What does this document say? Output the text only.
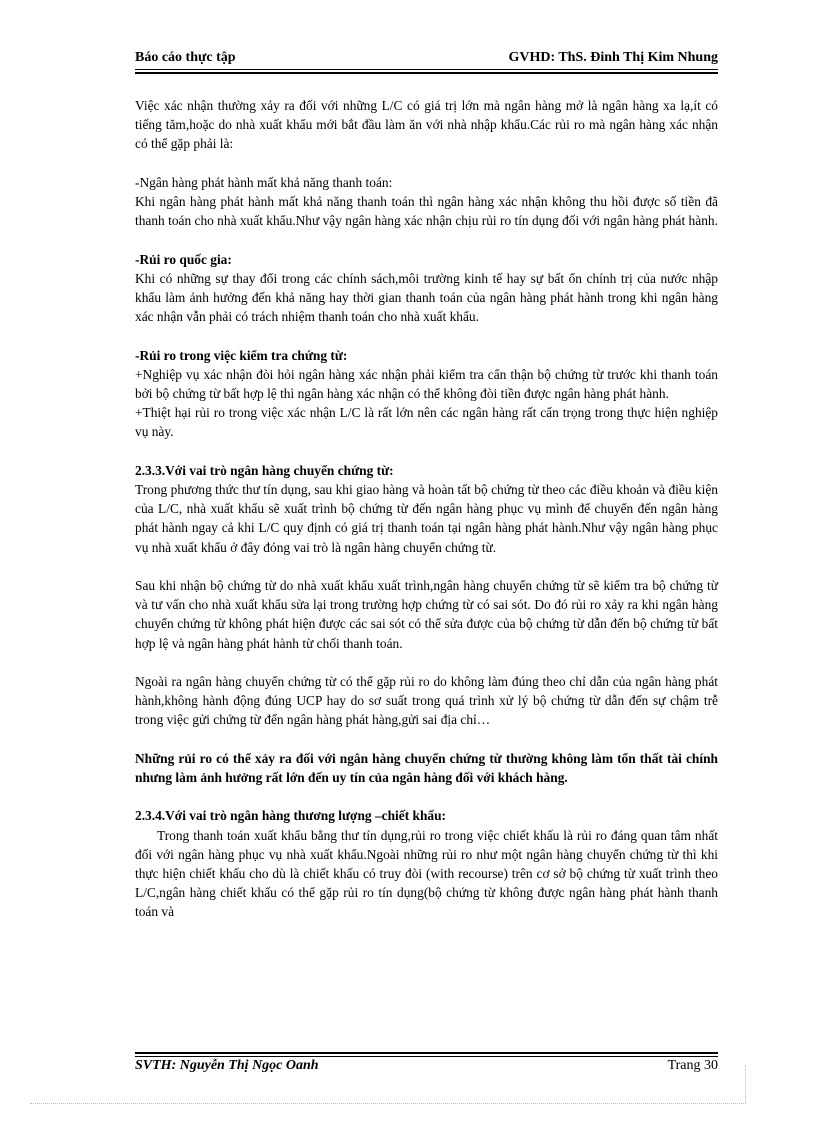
Báo cáo thực tập	GVHD: ThS. Đinh Thị Kim Nhung

Việc xác nhận thường xảy ra đối với những L/C có giá trị lớn mà ngân hàng mở là ngân hàng xa lạ,ít có tiếng tăm,hoặc do nhà xuất khẩu mới bắt đầu làm ăn với nhà nhập khẩu.Các rủi ro mà ngân hàng xác nhận có thể gặp phải là:

-Ngân hàng phát hành mất khả năng thanh toán:

Khi ngân hàng phát hành mất khả năng thanh toán thì ngân hàng xác nhận không thu hồi được số tiền đã thanh toán cho nhà xuất khẩu.Như vậy ngân hàng xác nhận chịu rủi ro tín dụng đối với ngân hàng phát hành.

-Rủi ro quốc gia:

Khi có những sự thay đổi trong các chính sách,môi trường kinh tế hay sự bất ổn chính trị của nước nhập khẩu làm ảnh hưởng đến khả năng hay thời gian thanh toán của ngân hàng phát hành trong khi ngân hàng xác nhận vẫn phải có trách nhiệm thanh toán cho nhà xuất khẩu.

-Rủi ro trong việc kiểm tra chứng từ:

+Nghiệp vụ xác nhận đòi hỏi ngân hàng xác nhận phải kiểm tra cẩn thận bộ chứng từ trước khi thanh toán bởi bộ chứng từ bất hợp lệ thì ngân hàng xác nhận có thể không đòi tiền được ngân hàng phát hành.

+Thiệt hại rủi ro trong việc xác nhận L/C là rất lớn nên các ngân hàng rất cẩn trọng trong thực hiện nghiệp vụ này.

2.3.3.Với vai trò ngân hàng chuyển chứng từ:

Trong phương thức thư tín dụng, sau khi giao hàng và hoàn tất bộ chứng từ theo các điều khoản và điều kiện của L/C, nhà xuất khẩu sẽ xuất trình bộ chứng từ đến ngân hàng phục vụ mình để chuyển đến ngân hàng phát hành ngay cả khi L/C quy định có giá trị thanh toán tại ngân hàng phát hành.Như vậy ngân hàng phục vụ nhà xuất khẩu ở đây đóng vai trò là ngân hàng chuyển chứng từ.

Sau khi nhận bộ chứng từ do nhà xuất khẩu xuất trình,ngân hàng chuyển chứng từ sẽ kiểm tra bộ chứng từ và tư vấn cho nhà xuất khẩu sửa lại trong trường hợp chứng từ có sai sót. Do đó rủi ro xảy ra khi ngân hàng chuyển chứng từ không phát hiện được các sai sót có thể sửa được của bộ chứng từ dẫn đến bộ chứng từ bất hợp lệ và ngân hàng phát hành từ chối thanh toán.

Ngoài ra ngân hàng chuyển chứng từ có thể gặp rủi ro do không làm đúng theo chỉ dẫn của ngân hàng phát hành,không hành động đúng UCP hay do sơ suất trong quá trình xử lý bộ chứng từ dẫn đến sự chậm trễ trong việc gửi chứng từ đến ngân hàng phát hàng,gửi sai địa chỉ…

Những rủi ro có thể xảy ra đối với ngân hàng chuyển chứng từ thường không làm tổn thất tài chính nhưng làm ảnh hưởng rất lớn đến uy tín của ngân hàng đối với khách hàng.

2.3.4.Với vai trò ngân hàng thương lượng –chiết khấu:

Trong thanh toán xuất khẩu bằng thư tín dụng,rủi ro trong việc chiết khấu là rủi ro đáng quan tâm nhất đối với ngân hàng phục vụ nhà xuất khẩu.Ngoài những rủi ro như một ngân hàng chuyển chứng từ thì khi thực hiện chiết khấu cho dù là chiết khấu có truy đòi (with recourse) trên cơ sở bộ chứng từ xuất trình theo L/C,ngân hàng chiết khấu có thể gặp rủi ro tín dụng(bộ chứng từ không được ngân hàng phát hành thanh toán và

SVTH: Nguyễn Thị Ngọc Oanh	Trang 30
